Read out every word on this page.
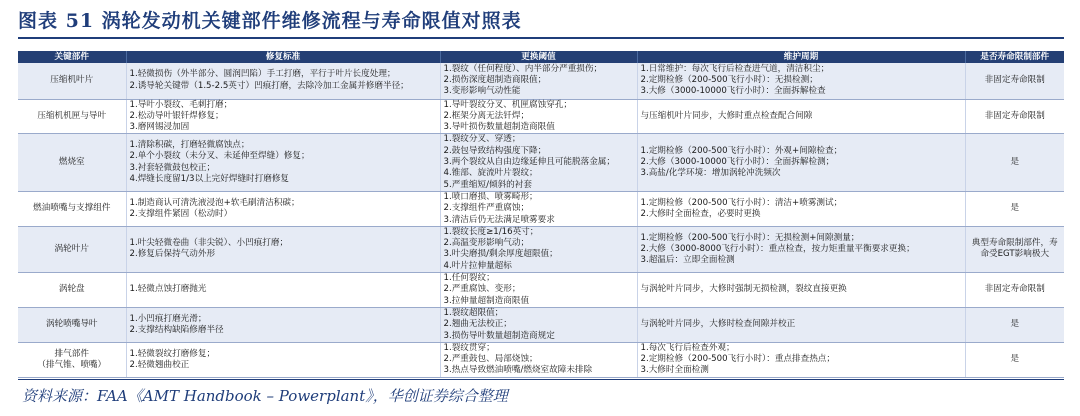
图表 51 涡轮发动机关键部件维修流程与寿命限值对照表
关键部件	修复标准	更换阈值	维护周期	是否寿命限制部件
压缩机叶片	1.轻微损伤（外半部分、圆润凹陷）手工打磨，平行于叶片长度处理；
2.诱导轮关键带（1.5-2.5英寸）凹痕打磨，去除冷加工金属并修磨半径；	1.裂纹（任何程度）、内半部分严重损伤；
2.损伤深度超制造商限值；
3.变形影响气动性能	1.日常维护：每次飞行后检查进气道，清洁积尘；
2.定期检修（200-500飞行小时）：无损检测；
3.大修（3000-10000飞行小时）：全面拆解检查	非固定寿命限制
压缩机机匣与导叶	1.导叶小裂纹、毛刺打磨；
2.松动导叶银钎焊修复；
3.磨网锡浸加固	1.导叶裂纹分叉、机匣腐蚀穿孔；
2.框架分离无法钎焊；
3.导叶损伤数量超制造商限值	与压缩机叶片同步，大修时重点检查配合间隙	非固定寿命限制
燃烧室	1.清除积碳，打磨轻微腐蚀点；
2.单个小裂纹（未分叉、未延伸至焊缝）修复；
3.衬套轻微鼓包校正；
4.焊缝长度留1/3以上完好焊缝时打磨修复	1.裂纹分叉、穿透；
2.鼓包导致结构强度下降；
3.两个裂纹从自由边缘延伸且可能脱落金属；
4.锥部、旋流叶片裂纹；
5.严重缩短/倾斜的衬套	1.定期检修（200-500飞行小时）：外观+间隙检查；
2.大修（3000-10000飞行小时）：全面拆解检测；
3.高盐/化学环境：增加涡轮冲洗频次	是
燃油喷嘴与支撑组件	1.制造商认可清洗液浸泡+软毛刷清洁积碳；
2.支撑组件紧固（松动时）	1.喷口磨损、喷雾畸形；
2.支撑组件严重腐蚀；
3.清洁后仍无法满足喷雾要求	1.定期检修（200-500飞行小时）：清洁+喷雾测试；
2.大修时全面检查，必要时更换	是
涡轮叶片	1.叶尖轻微卷曲（非尖锐）、小凹痕打磨；
2.修复后保持气动外形	1.裂纹长度≥1/16英寸；
2.高温变形影响气动；
3.叶尖磨损/剩余厚度超限值；
4.叶片拉伸量超标	1.定期检修（200-500飞行小时）：无损检测+间隙测量；
2.大修（3000-8000飞行小时）：重点检查，按力矩重量平衡要求更换；
3.超温后：立即全面检测	典型寿命限制部件，寿命受EGT影响极大
涡轮盘	1.轻微点蚀打磨抛光	1.任何裂纹；
2.严重腐蚀、变形；
3.拉伸量超制造商限值	与涡轮叶片同步，大修时强制无损检测，裂纹直接更换	非固定寿命限制
涡轮喷嘴导叶	1.小凹痕打磨光滑；
2.支撑结构缺陷修磨半径	1.裂纹超限值；
2.翘曲无法校正；
3.损伤导叶数量超制造商规定	与涡轮叶片同步，大修时检查间隙并校正	是

排气部件
（排气锥、喷嘴）	1.轻微裂纹打磨修复；
2.轻微翘曲校正	1.裂纹贯穿；
2.严重鼓包、局部烧蚀；
3.热点导致燃油喷嘴/燃烧室故障未排除	1.每次飞行后检查外观；
2.定期检修（200-500飞行小时）：重点排查热点；
3.大修时全面检测	是
资料来源：FAA《AMT Handbook – Powerplant》，华创证券综合整理
